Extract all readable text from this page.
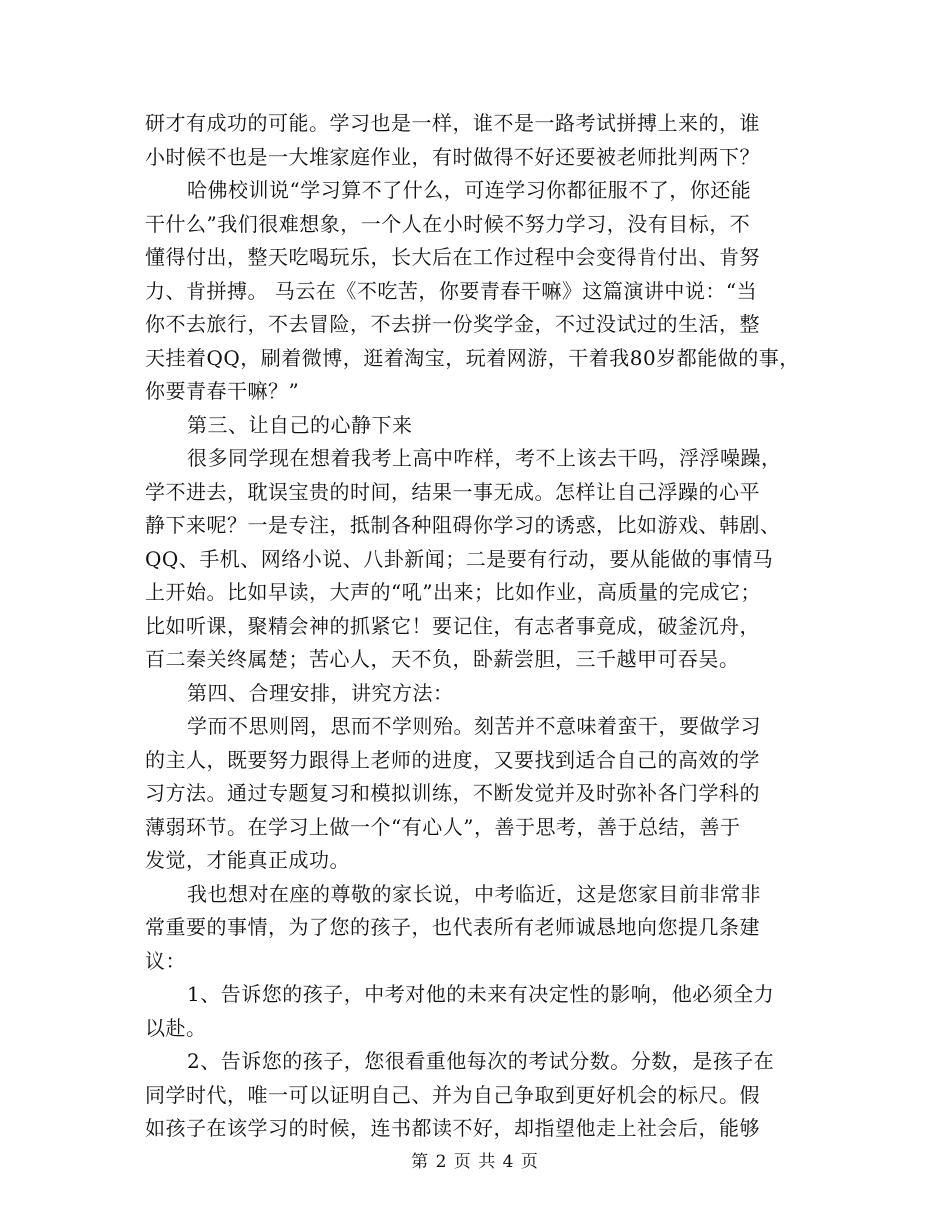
研才有成功的可能。学习也是一样，谁不是一路考试拼搏上来的，谁
小时候不也是一大堆家庭作业，有时做得不好还要被老师批判两下？
哈佛校训说“学习算不了什么，可连学习你都征服不了，你还能
干什么”我们很难想象，一个人在小时候不努力学习，没有目标，不
懂得付出，整天吃喝玩乐，长大后在工作过程中会变得肯付出、肯努
力、肯拼搏。 马云在《不吃苦，你要青春干嘛》这篇演讲中说：“当
你不去旅行，不去冒险，不去拼一份奖学金，不过没试过的生活，整
天挂着QQ，刷着微博，逛着淘宝，玩着网游，干着我80岁都能做的事，
你要青春干嘛？”
第三、让自己的心静下来
很多同学现在想着我考上高中咋样，考不上该去干吗，浮浮噪躁，
学不进去，耽误宝贵的时间，结果一事无成。怎样让自己浮躁的心平
静下来呢？一是专注，抵制各种阻碍你学习的诱惑，比如游戏、韩剧、
QQ、手机、网络小说、八卦新闻；二是要有行动，要从能做的事情马
上开始。比如早读，大声的“吼”出来；比如作业，高质量的完成它；
比如听课，聚精会神的抓紧它！要记住，有志者事竟成，破釜沉舟，
百二秦关终属楚；苦心人，天不负，卧薪尝胆，三千越甲可吞吴。
第四、合理安排，讲究方法：
学而不思则罔，思而不学则殆。刻苦并不意味着蛮干，要做学习
的主人，既要努力跟得上老师的进度，又要找到适合自己的高效的学
习方法。通过专题复习和模拟训练，不断发觉并及时弥补各门学科的
薄弱环节。在学习上做一个“有心人”，善于思考，善于总结，善于
发觉，才能真正成功。
我也想对在座的尊敬的家长说，中考临近，这是您家目前非常非
常重要的事情，为了您的孩子，也代表所有老师诚恳地向您提几条建
议：
1、告诉您的孩子，中考对他的未来有决定性的影响，他必须全力
以赴。
2、告诉您的孩子，您很看重他每次的考试分数。分数，是孩子在
同学时代，唯一可以证明自己、并为自己争取到更好机会的标尺。假
如孩子在该学习的时候，连书都读不好，却指望他走上社会后，能够
第 2 页 共 4 页
